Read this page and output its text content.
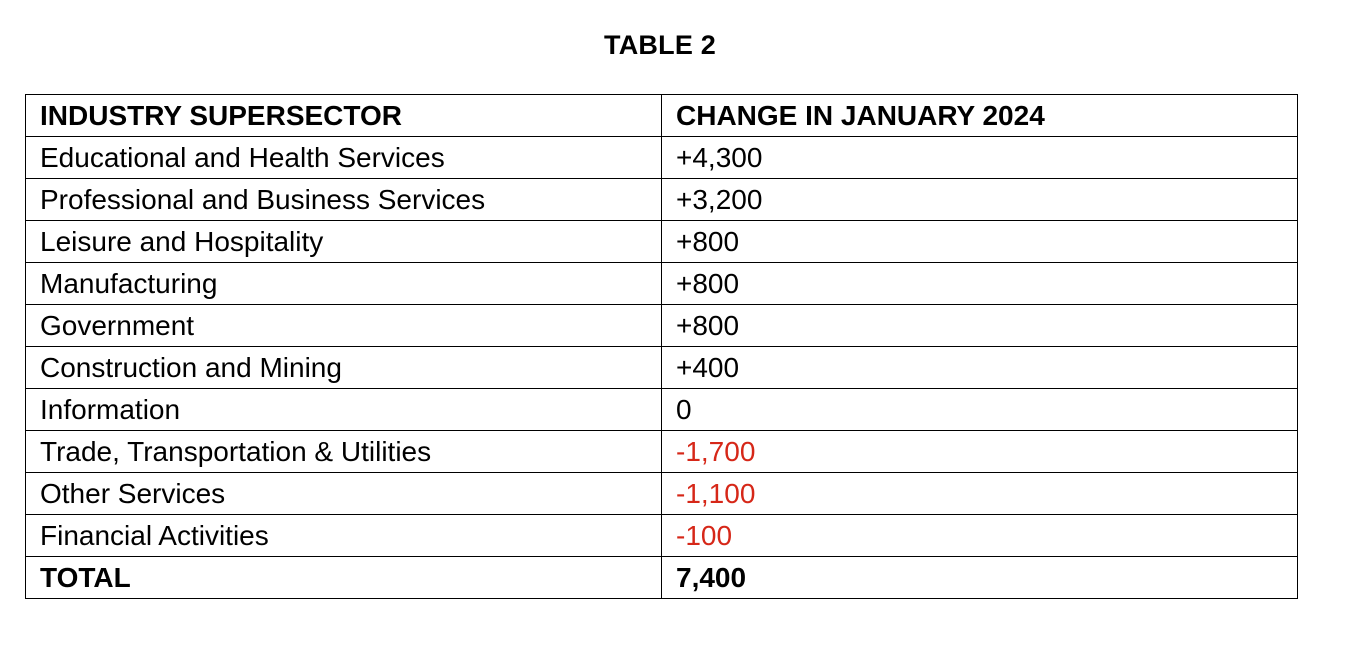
TABLE 2
INDUSTRY SUPERSECTOR	CHANGE IN JANUARY 2024
Educational and Health Services	+4,300
Professional and Business Services	+3,200
Leisure and Hospitality	+800
Manufacturing	+800
Government	+800
Construction and Mining	+400
Information	0
Trade, Transportation & Utilities	-1,700
Other Services	-1,100
Financial Activities	-100
TOTAL	7,400
